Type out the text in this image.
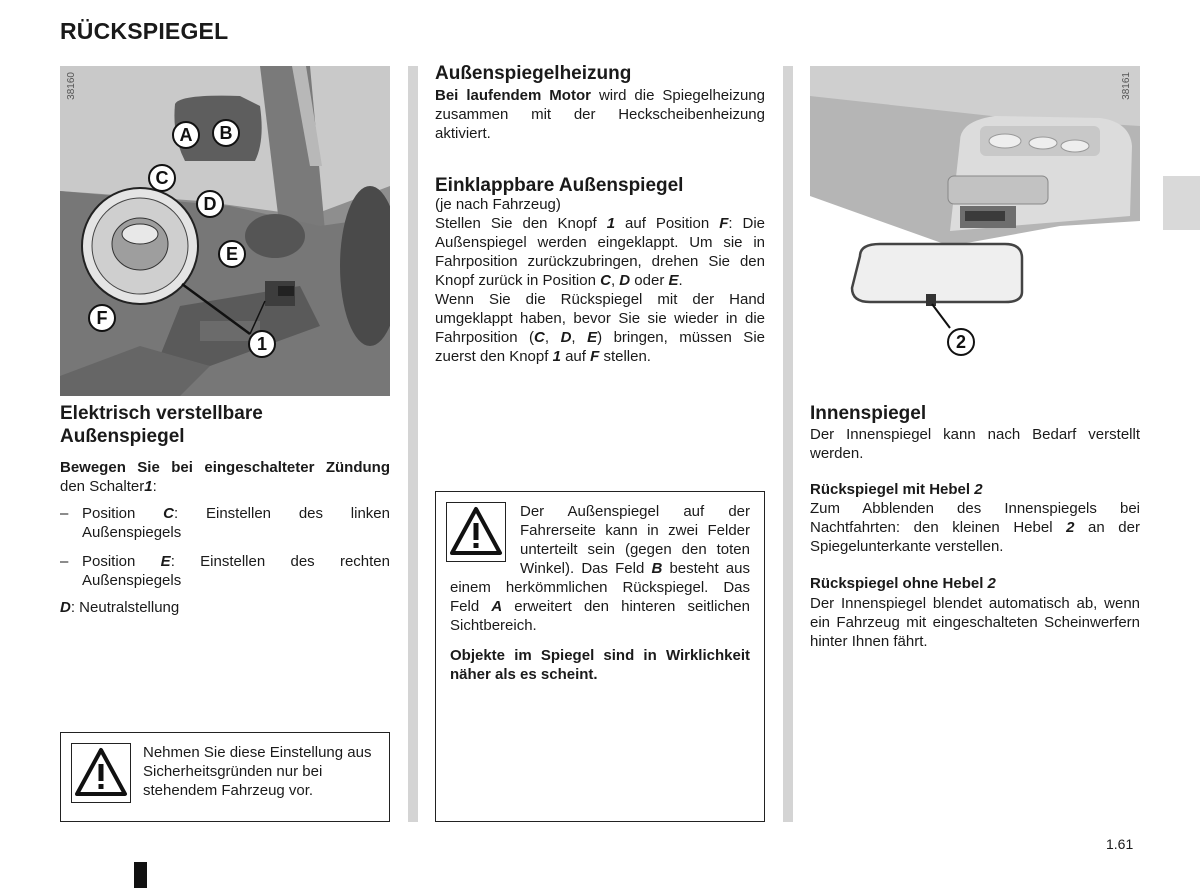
RÜCKSPIEGEL
A	B
C
D
E
F
1
38160
Elektrisch verstellbare Außenspiegel
Bewegen Sie bei eingeschalteter Zündung den Schalter1:
– Position C: Einstellen des linken Außenspiegels
– Position E: Einstellen des rechten Außenspiegels
D: Neutralstellung
Nehmen Sie diese Einstellung aus Sicherheitsgründen nur bei stehendem Fahrzeug vor.
Außenspiegelheizung
Bei laufendem Motor wird die Spiegelheizung zusammen mit der Heckscheibenheizung aktiviert.
Einklappbare Außenspiegel
(je nach Fahrzeug)
Stellen Sie den Knopf 1 auf Position F: Die Außenspiegel werden eingeklappt. Um sie in Fahrposition zurückzubringen, drehen Sie den Knopf zurück in Position C, D oder E.
Wenn Sie die Rückspiegel mit der Hand umgeklappt haben, bevor Sie sie wieder in die Fahrposition (C, D, E) bringen, müssen Sie zuerst den Knopf 1 auf F stellen.
Der Außenspiegel auf der Fahrerseite kann in zwei Felder unterteilt sein (gegen den toten Winkel). Das Feld B besteht aus einem herkömmlichen Rückspiegel. Das Feld A erweitert den hinteren seitlichen Sichtbereich.
Objekte im Spiegel sind in Wirklichkeit näher als es scheint.
2
38161
Innenspiegel
Der Innenspiegel kann nach Bedarf verstellt werden.
Rückspiegel mit Hebel 2
Zum Abblenden des Innenspiegels bei Nachtfahrten: den kleinen Hebel 2 an der Spiegelunterkante verstellen.
Rückspiegel ohne Hebel 2
Der Innenspiegel blendet automatisch ab, wenn ein Fahrzeug mit eingeschalteten Scheinwerfern hinter Ihnen fährt.
1.61
